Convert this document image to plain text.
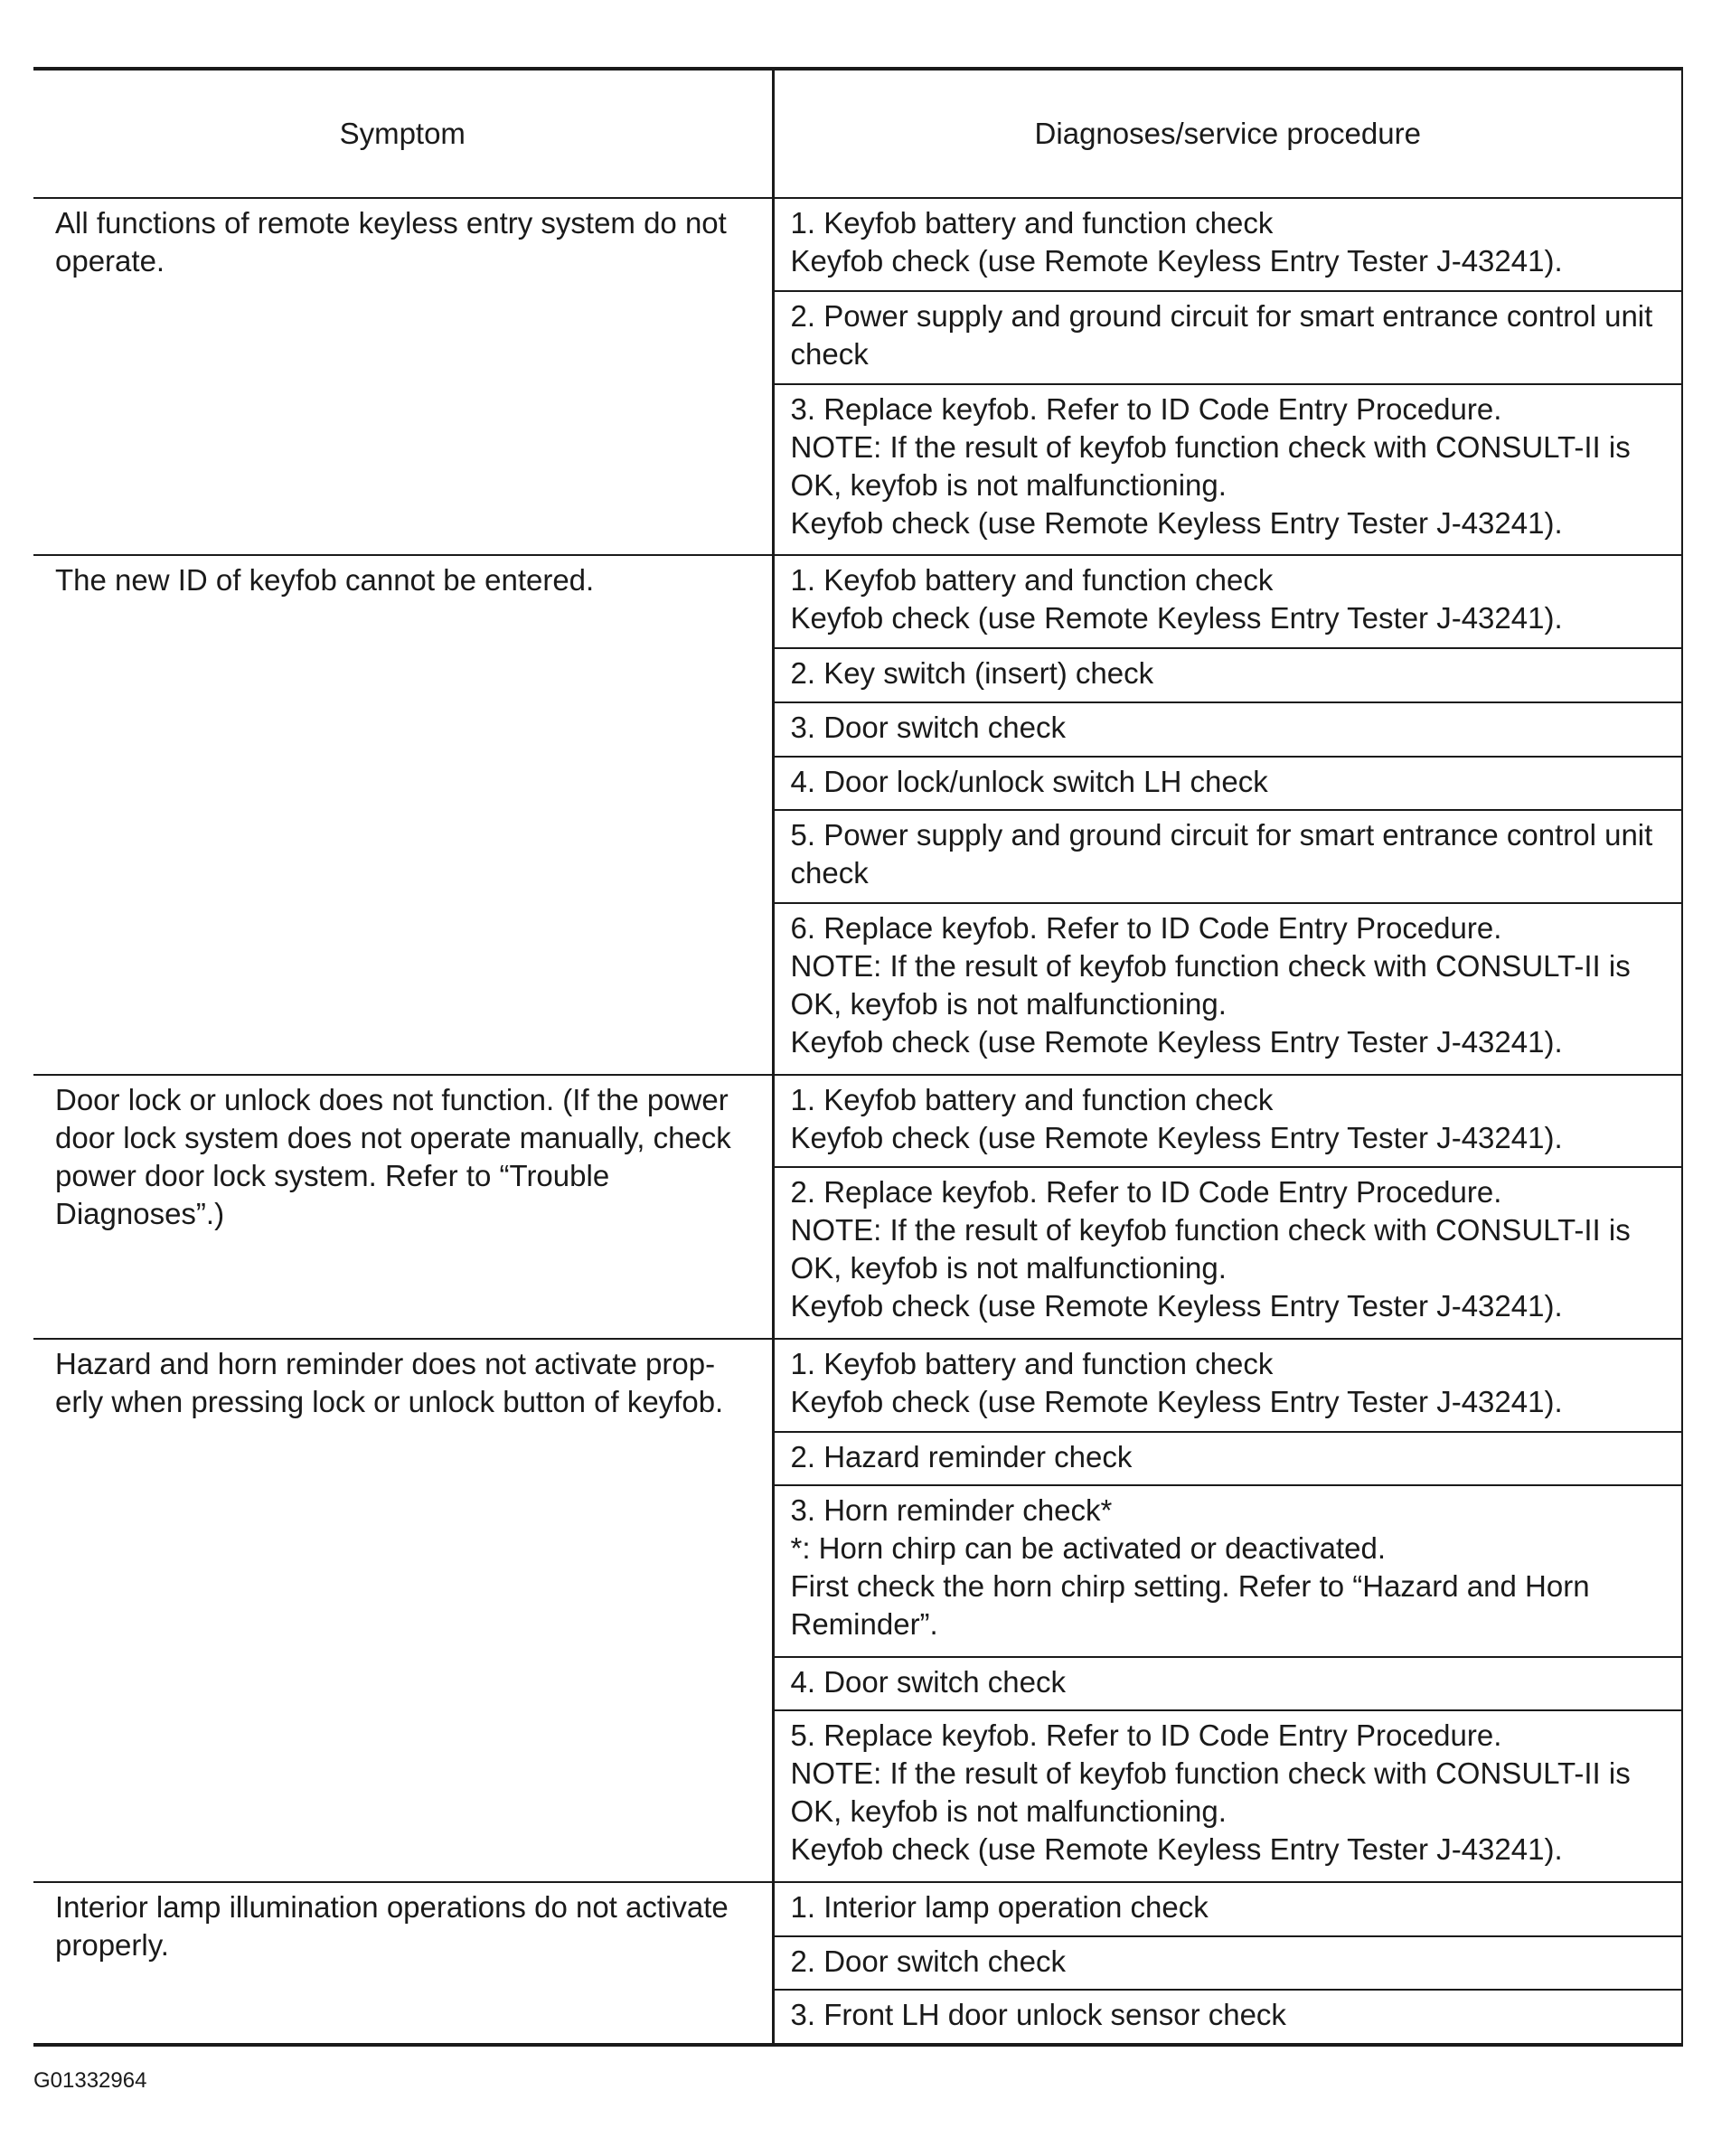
Symptom	Diagnoses/service procedure
All functions of remote keyless entry system do not operate.	1. Keyfob battery and function check
Keyfob check (use Remote Keyless Entry Tester J-43241).
	2. Power supply and ground circuit for smart entrance control unit check
	3. Replace keyfob. Refer to ID Code Entry Procedure.
NOTE: If the result of keyfob function check with CONSULT-II is OK, keyfob is not malfunctioning.
Keyfob check (use Remote Keyless Entry Tester J-43241).
The new ID of keyfob cannot be entered.	1. Keyfob battery and function check
Keyfob check (use Remote Keyless Entry Tester J-43241).
	2. Key switch (insert) check
	3. Door switch check
	4. Door lock/unlock switch LH check
	5. Power supply and ground circuit for smart entrance control unit check
	6. Replace keyfob. Refer to ID Code Entry Procedure.
NOTE: If the result of keyfob function check with CONSULT-II is OK, keyfob is not malfunctioning.
Keyfob check (use Remote Keyless Entry Tester J-43241).
Door lock or unlock does not function. (If the power door lock system does not operate manually, check power door lock system. Refer to “Trouble Diagnoses”.)	1. Keyfob battery and function check
Keyfob check (use Remote Keyless Entry Tester J-43241).
	2. Replace keyfob. Refer to ID Code Entry Procedure.
NOTE: If the result of keyfob function check with CONSULT-II is OK, keyfob is not malfunctioning.
Keyfob check (use Remote Keyless Entry Tester J-43241).
Hazard and horn reminder does not activate prop-erly when pressing lock or unlock button of keyfob.	1. Keyfob battery and function check
Keyfob check (use Remote Keyless Entry Tester J-43241).
	2. Hazard reminder check
	3. Horn reminder check*
*: Horn chirp can be activated or deactivated.
First check the horn chirp setting. Refer to “Hazard and Horn Reminder”.
	4. Door switch check
	5. Replace keyfob. Refer to ID Code Entry Procedure.
NOTE: If the result of keyfob function check with CONSULT-II is OK, keyfob is not malfunctioning.
Keyfob check (use Remote Keyless Entry Tester J-43241).
Interior lamp illumination operations do not activate properly.	1. Interior lamp operation check
	2. Door switch check
	3. Front LH door unlock sensor check
G01332964
